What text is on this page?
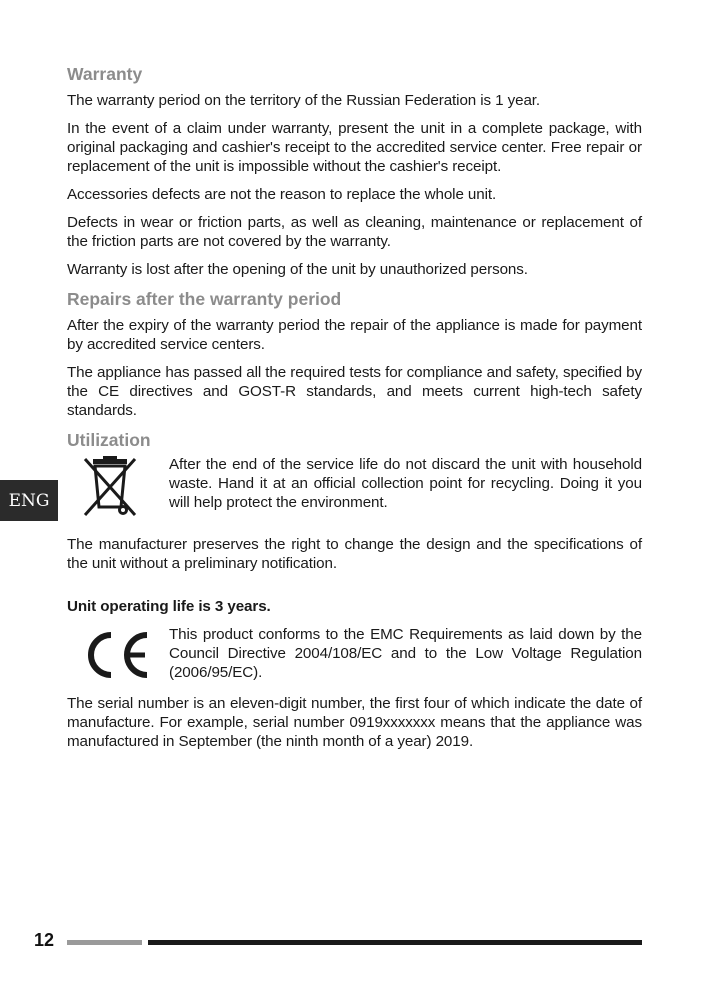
ENG
Warranty

The warranty period on the territory of the Russian Federation is 1 year.

In the event of a claim under warranty, present the unit in a complete package, with original packaging and cashier's receipt to the accredited service center. Free repair or replacement of the unit is impossible without the cashier's receipt.

Accessories defects are not the reason to replace the whole unit.

Defects in wear or friction parts, as well as cleaning, maintenance or replacement of the friction parts are not covered by the warranty.

Warranty is lost after the opening of the unit by unauthorized persons.

Repairs after the warranty period

After the expiry of the warranty period the repair of the appliance is made for payment by accredited service centers.

The appliance has passed all the required tests for compliance and safety, specified by the CE directives and GOST-R standards, and meets current high-tech safety standards.

Utilization

After the end of the service life do not discard the unit with household waste. Hand it at an official collection point for recycling. Doing it you will help protect the environment.

The manufacturer preserves the right to change the design and the specifications of the unit without a preliminary notification.

Unit operating life is 3 years.

This product conforms to the EMC Requirements as laid down by the Council Directive 2004/108/EC and to the Low Voltage Regulation (2006/95/EC).

The serial number is an eleven-digit number, the first four of which indicate the date of manufacture. For example, serial number 0919xxxxxxx means that the appliance was manufactured in September (the ninth month of a year) 2019.

12
